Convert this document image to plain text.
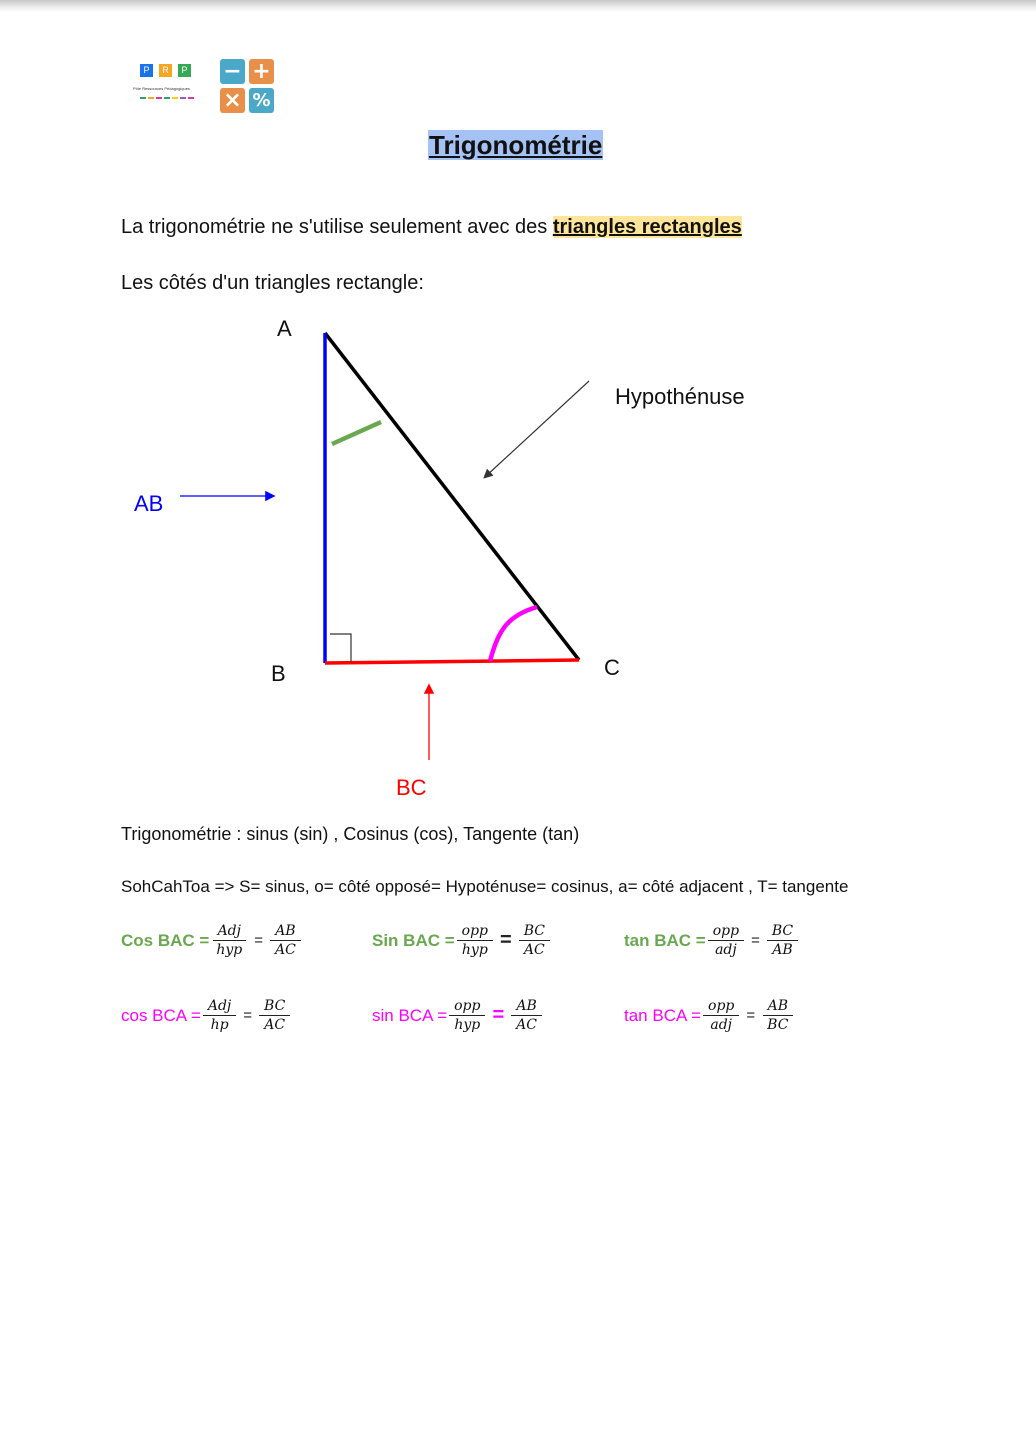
P	R	P
Pôle Ressources Pédagogiques
− +
× %
Trigonométrie
La trigonométrie ne s'utilise seulement avec des triangles rectangles
Les côtés d'un triangles rectangle:
A
B	C
Hypothénuse
AB
BC
Trigonométrie : sinus (sin) , Cosinus (cos), Tangente (tan)
SohCahToa => S= sinus, o= côté opposé= Hypoténuse= cosinus, a= côté adjacent , T= tangente
Cos BAC = $\frac{\text{Adj}}{\text{hyp}} = \frac{AB}{AC}$	Sin BAC = $\frac{\text{opp}}{\text{hyp}} = \frac{BC}{AC}$	tan BAC = $\frac{\text{opp}}{\text{adj}} = \frac{BC}{AB}$
cos BCA = $\frac{\text{Adj}}{hp} = \frac{BC}{AC}$	sin BCA = $\frac{\text{opp}}{\text{hyp}} = \frac{AB}{AC}$	tan BCA = $\frac{\text{opp}}{\text{adj}} = \frac{AB}{BC}$
